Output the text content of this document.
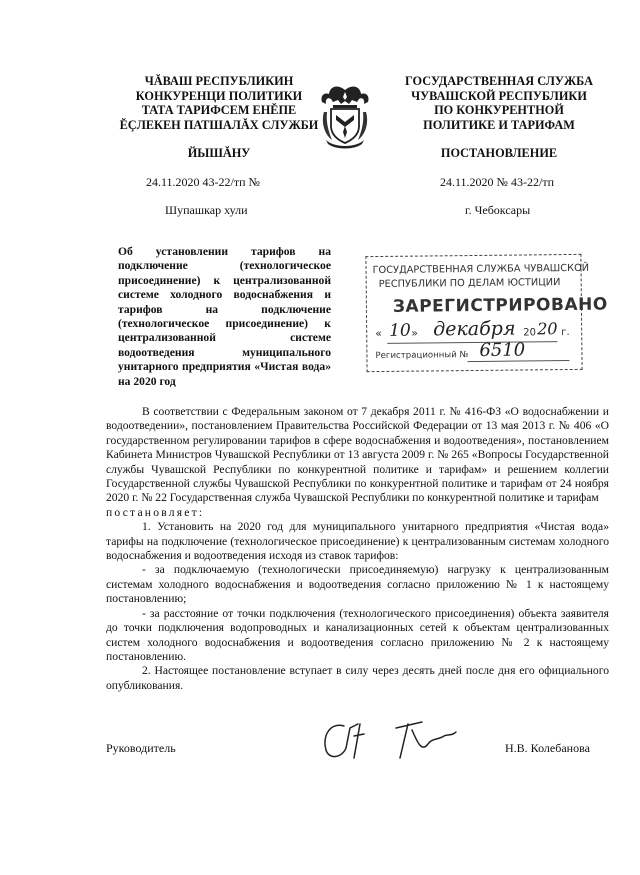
ЧĂВАШ РЕСПУБЛИКИН
КОНКУРЕНЦИ ПОЛИТИКИ
ТАТА ТАРИФСЕМ ЕНĚПЕ
ĔÇЛЕКЕН ПАТШАЛĂХ СЛУЖБИ
ЙЫШĂНУ
24.11.2020 43-22/тп №
Шупашкар хули
ГОСУДАРСТВЕННАЯ СЛУЖБА
ЧУВАШСКОЙ РЕСПУБЛИКИ
ПО КОНКУРЕНТНОЙ
ПОЛИТИКЕ И ТАРИФАМ
ПОСТАНОВЛЕНИЕ
24.11.2020 № 43-22/тп
г. Чебоксары
Об установлении тарифов на
подключение (технологическое
присоединение) к централизованной
системе холодного водоснабжения и
тарифов на подключение
(технологическое присоединение) к
централизованной системе
водоотведения муниципального
унитарного предприятия «Чистая вода»
на 2020 год
ГОСУДАРСТВЕННАЯ СЛУЖБА ЧУВАШСКОЙ
РЕСПУБЛИКИ ПО ДЕЛАМ ЮСТИЦИИ
ЗАРЕГИСТРИРОВАНО
« 10 » декабря 20 20 г.
Регистрационный № 6510

В соответствии с Федеральным законом от 7 декабря 2011 г. № 416-ФЗ «О водоснабжении и водоотведении», постановлением Правительства Российской Федерации от 13 мая 2013 г. № 406 «О государственном регулировании тарифов в сфере водоснабжения и водоотведения», постановлением Кабинета Министров Чувашской Республики от 13 августа 2009 г. № 265 «Вопросы Государственной службы Чувашской Республики по конкурентной политике и тарифам» и решением коллегии Государственной службы Чувашской Республики по конкурентной политике и тарифам от 24 ноября 2020 г. № 22 Государственная служба Чувашской Республики по конкурентной политике и тарифам

постановляет:

1. Установить на 2020 год для муниципального унитарного предприятия «Чистая вода» тарифы на подключение (технологическое присоединение) к централизованным системам холодного водоснабжения и водоотведения исходя из ставок тарифов:

- за подключаемую (технологически присоединяемую) нагрузку к централизованным системам холодного водоснабжения и водоотведения согласно приложению № 1 к настоящему постановлению;

- за расстояние от точки подключения (технологического присоединения) объекта заявителя до точки подключения водопроводных и канализационных сетей к объектам централизованных систем холодного водоснабжения и водоотведения согласно приложению № 2 к настоящему постановлению.

2. Настоящее постановление вступает в силу через десять дней после дня его официального опубликования.

Руководитель	Н.В. Колебанова
